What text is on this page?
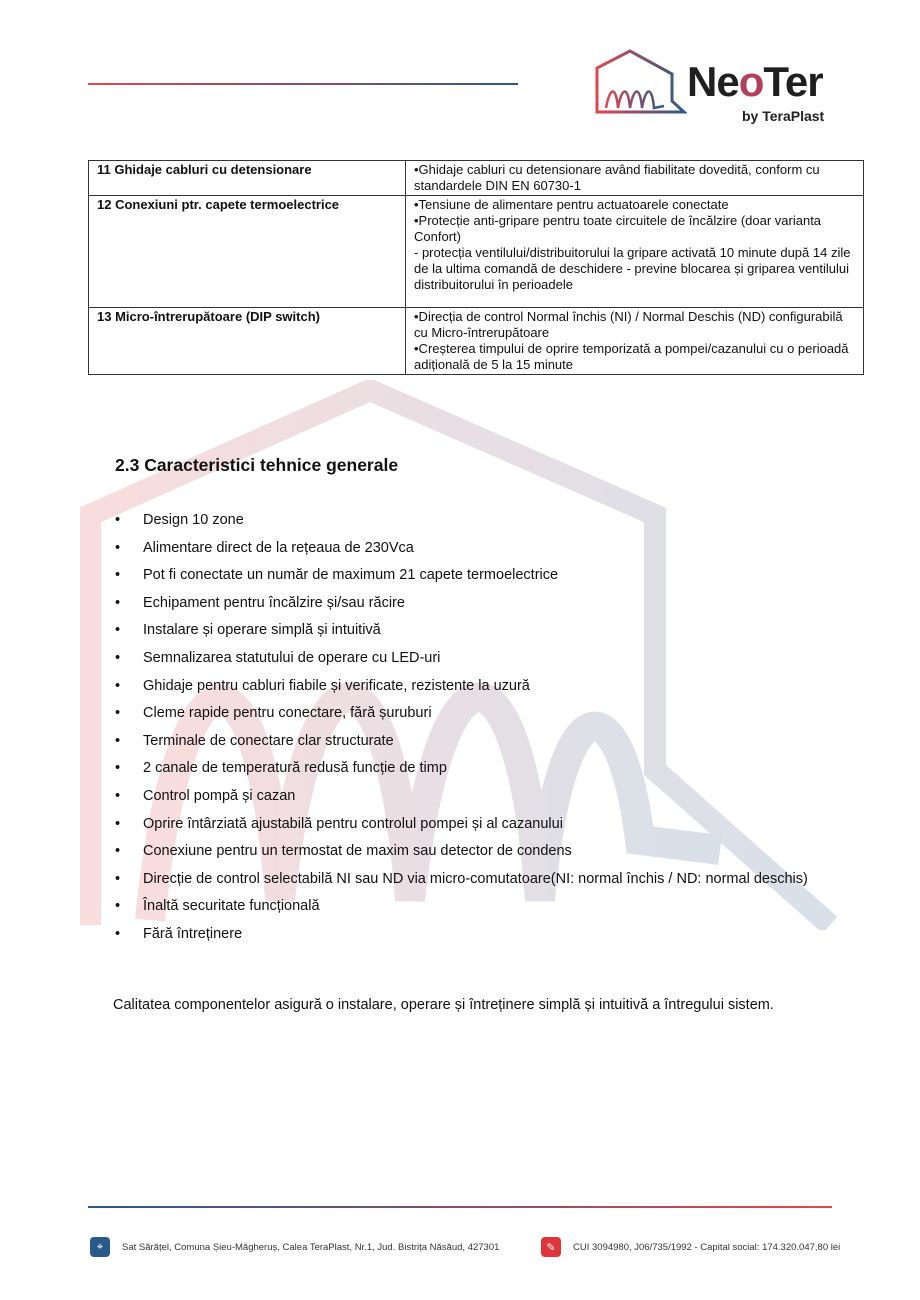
NeoTer
by TeraPlast
11 Ghidaje cabluri cu detensionare	•Ghidaje cabluri cu detensionare având fiabilitate dovedită, conform cu standardele DIN EN 60730-1

12 Conexiuni ptr. capete termoelectrice	•Tensiune de alimentare pentru actuatoarele conectate
•Protecție anti-gripare pentru toate circuitele de încălzire (doar varianta Confort)
- protecția ventilului/distribuitorului la gripare activată 10 minute după 14 zile de la ultima comandă de deschidere - previne blocarea și griparea ventilului distribuitorului în perioadele

13 Micro-întrerupătoare (DIP switch)	•Direcția de control Normal închis (NI) / Normal Deschis (ND) configurabilă cu Micro-întrerupătoare
•Creșterea timpului de oprire temporizată a pompei/cazanului cu o perioadă adițională de 5 la 15 minute
2.3 Caracteristici tehnice generale
• Design 10 zone
• Alimentare direct de la rețeaua de 230Vca
• Pot fi conectate un număr de maximum 21 capete termoelectrice
• Echipament pentru încălzire și/sau răcire
• Instalare și operare simplă și intuitivă
• Semnalizarea statutului de operare cu LED-uri
• Ghidaje pentru cabluri fiabile și verificate, rezistente la uzură
• Cleme rapide pentru conectare, fără șuruburi
• Terminale de conectare clar structurate
• 2 canale de temperatură redusă funcție de timp
• Control pompă și cazan
• Oprire întârziată ajustabilă pentru controlul pompei și al cazanului
• Conexiune pentru un termostat de maxim sau detector de condens
• Direcție de control selectabilă NI sau ND via micro-comutatoare(NI: normal închis / ND: normal deschis)
• Înaltă securitate funcțională
• Fără întreținere

Calitatea componentelor asigură o instalare, operare și întreținere simplă și intuitivă a întregului sistem.

⌖	Sat Sărățel, Comuna Șieu-Măgheruș, Calea TeraPlast, Nr.1, Jud. Bistrița Năsăud, 427301	✎	CUI 3094980, J06/735/1992 - Capital social: 174.320.047,80 lei
